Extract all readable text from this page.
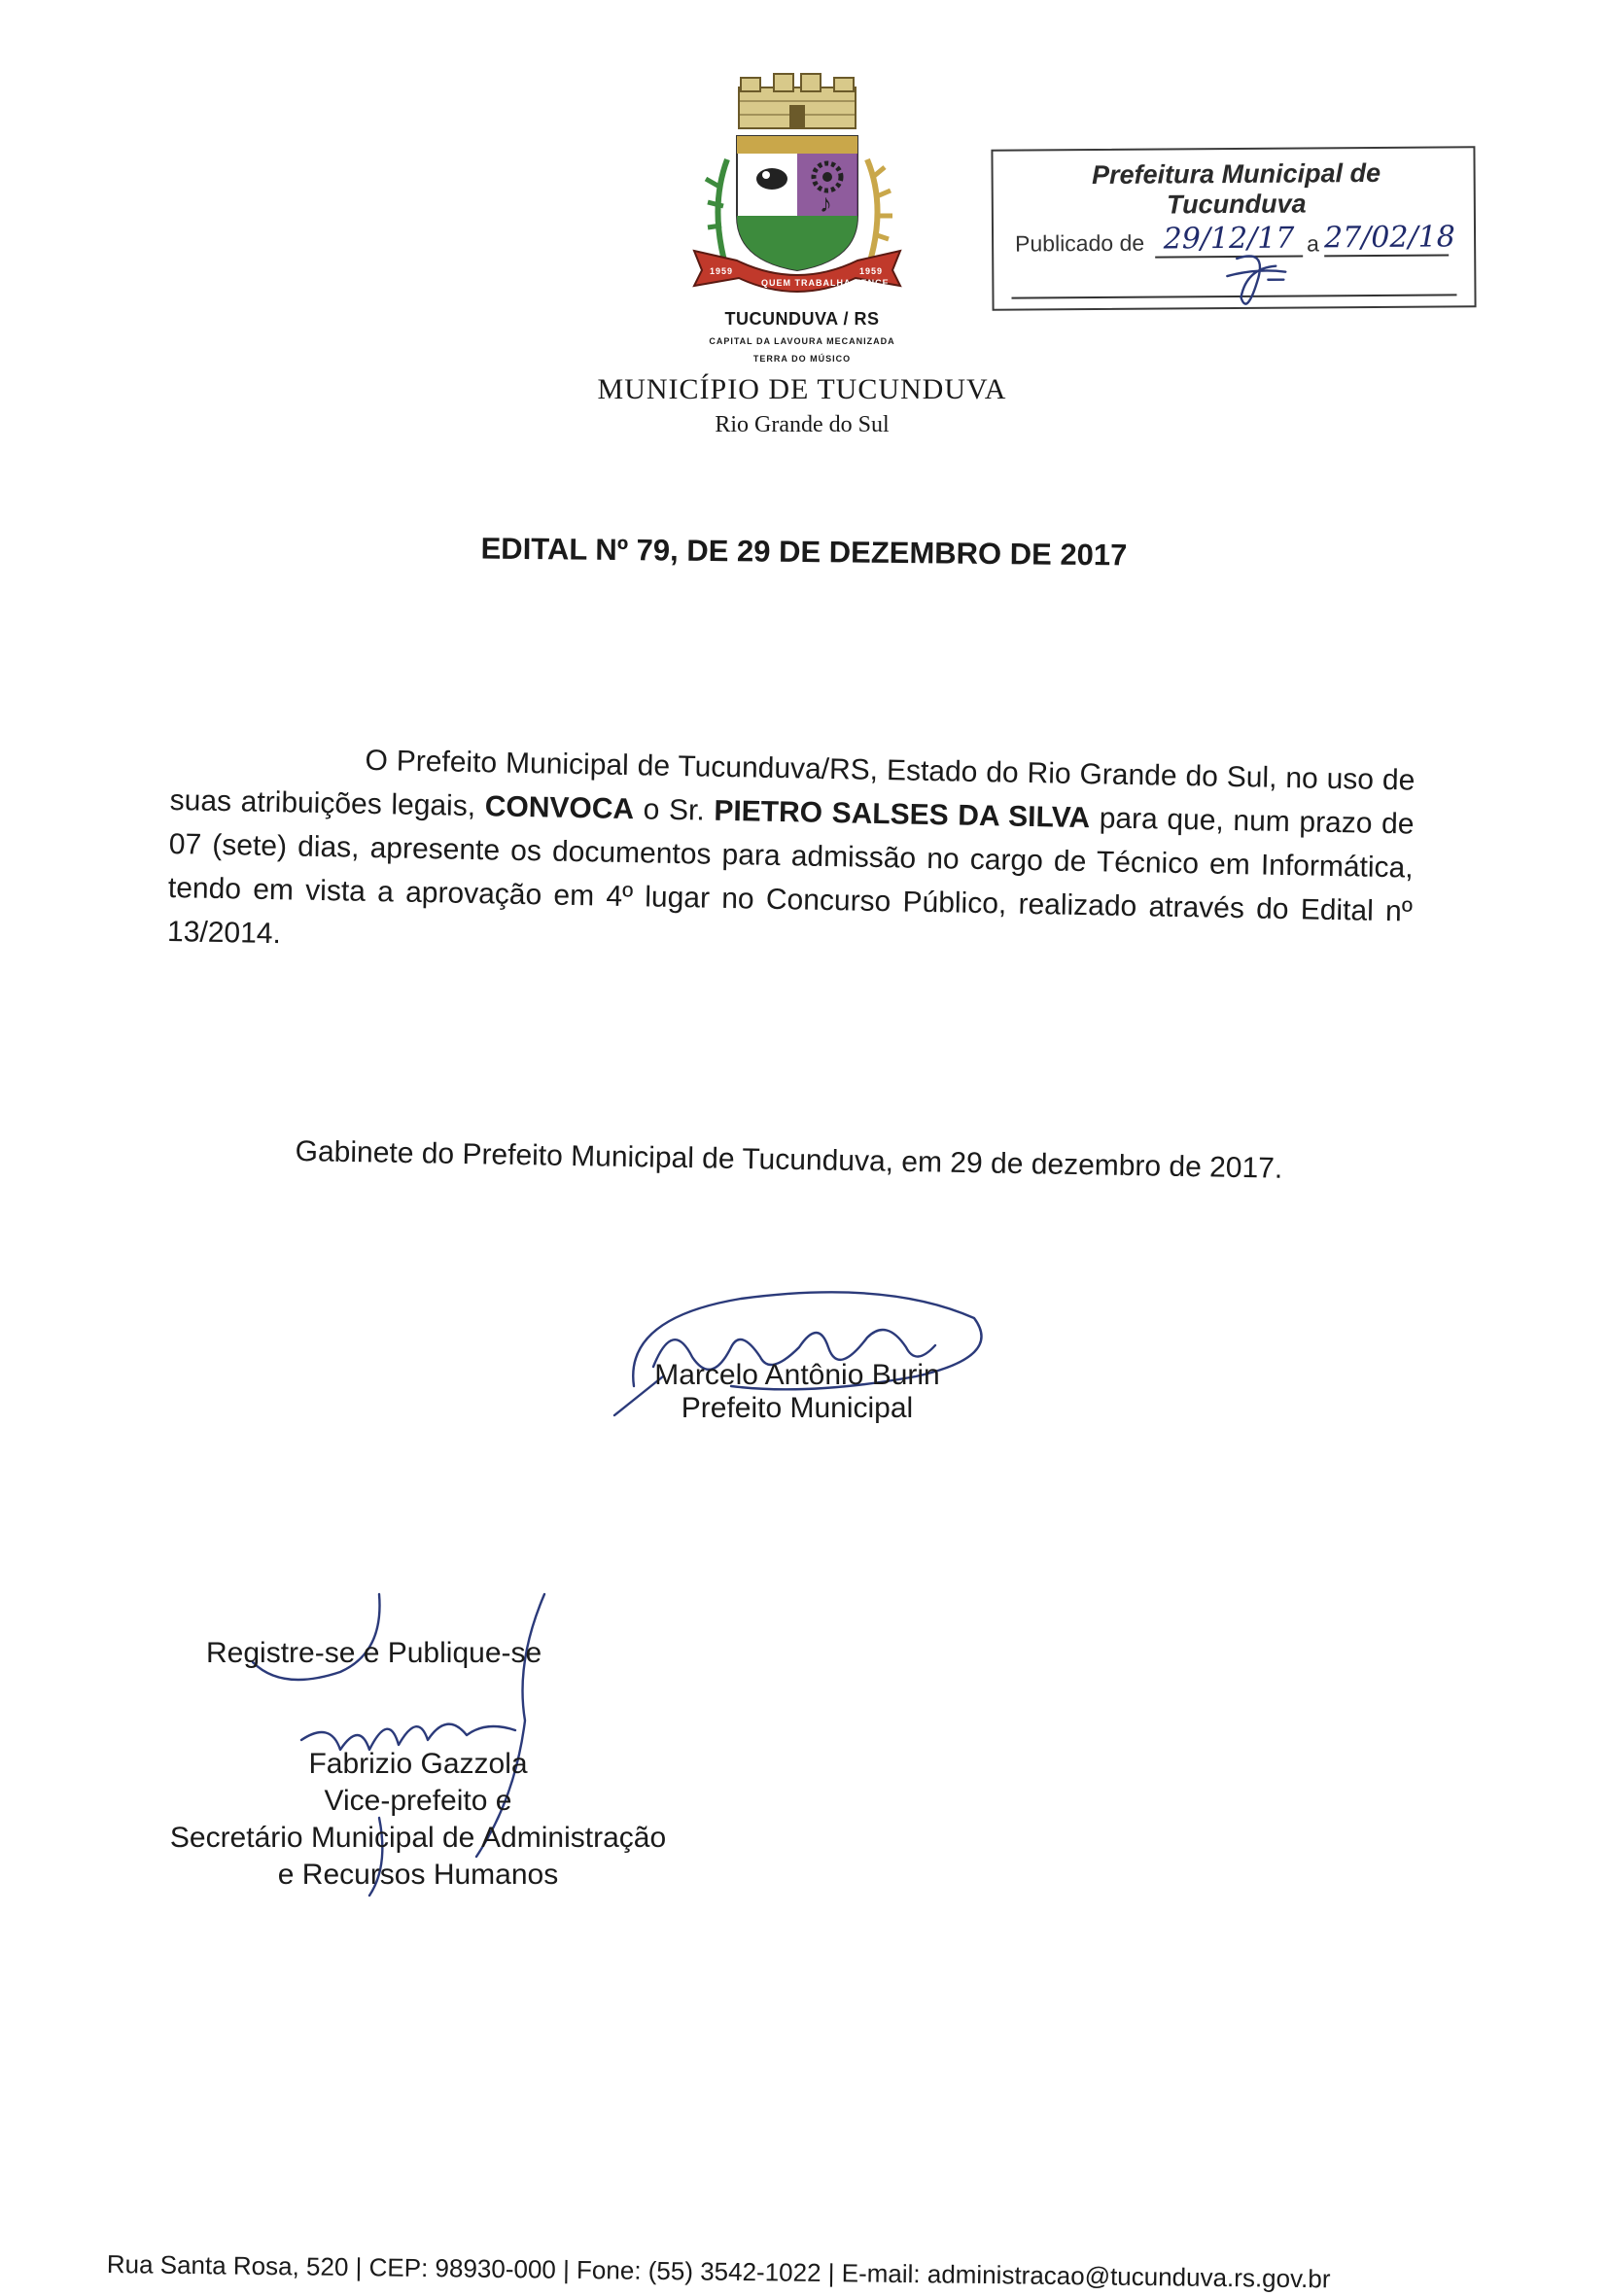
♪
1959
QUEM TRABALHA VENCE
1959
TUCUNDUVA / RS
CAPITAL DA LAVOURA MECANIZADA
TERRA DO MÚSICO
MUNICÍPIO DE TUCUNDUVA
Rio Grande do Sul
Prefeitura Municipal de Tucunduva
Publicado de 29/12/17 a 27/02/18
EDITAL Nº 79, DE 29 DE DEZEMBRO DE 2017
O Prefeito Municipal de Tucunduva/RS, Estado do Rio Grande do Sul, no uso de suas atribuições legais, CONVOCA o Sr. PIETRO SALSES DA SILVA para que, num prazo de 07 (sete) dias, apresente os documentos para admissão no cargo de Técnico em Informática, tendo em vista a aprovação em 4º lugar no Concurso Público, realizado através do Edital nº 13/2014.
Gabinete do Prefeito Municipal de Tucunduva, em 29 de dezembro de 2017.
Marcelo Antônio Burin
Prefeito Municipal
Registre-se e Publique-se
Fabrizio Gazzola
Vice-prefeito e
Secretário Municipal de Administração
e Recursos Humanos
Rua Santa Rosa, 520 | CEP: 98930-000 | Fone: (55) 3542-1022 | E-mail: administracao@tucunduva.rs.gov.br
